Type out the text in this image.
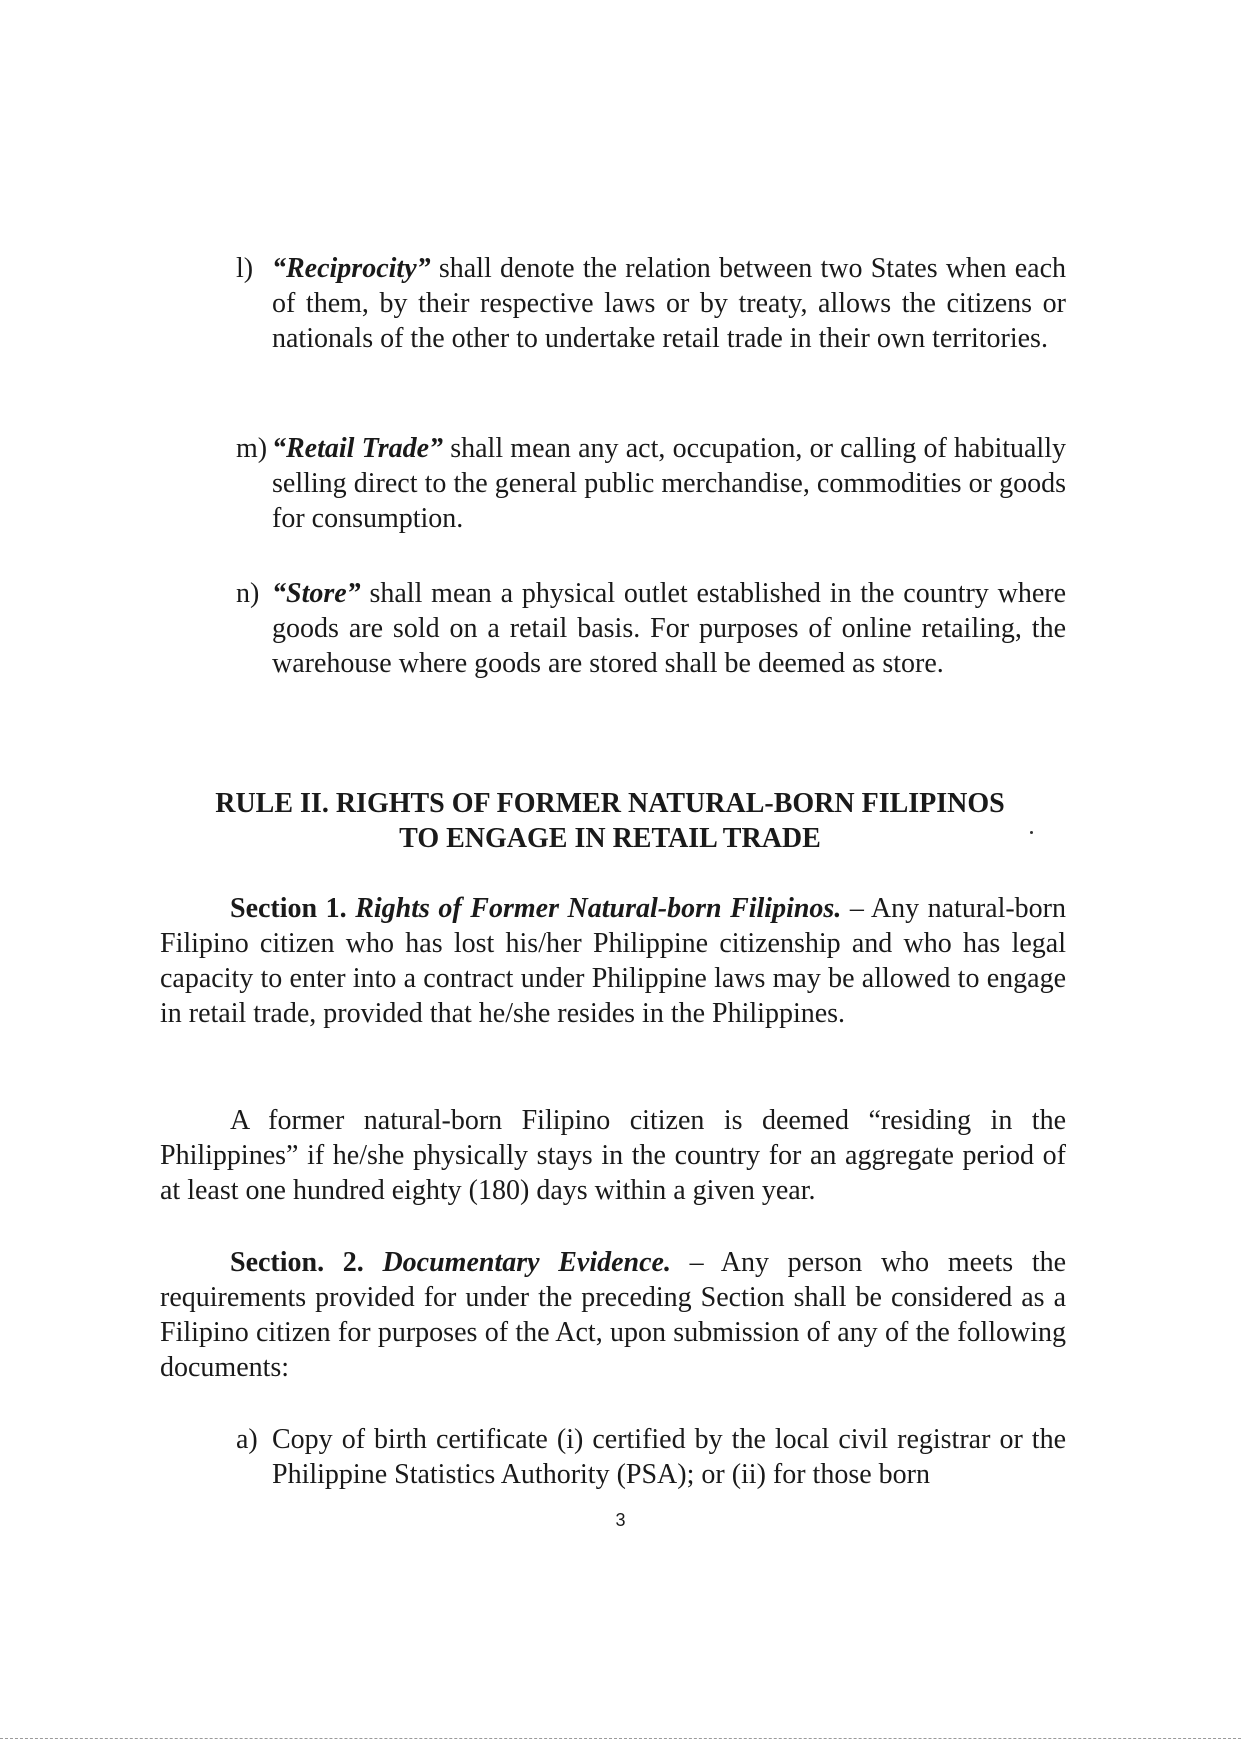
l) “Reciprocity” shall denote the relation between two States when each of them, by their respective laws or by treaty, allows the citizens or nationals of the other to undertake retail trade in their own territories.
m) “Retail Trade” shall mean any act, occupation, or calling of habitually selling direct to the general public merchandise, commodities or goods for consumption.
n) “Store” shall mean a physical outlet established in the country where goods are sold on a retail basis. For purposes of online retailing, the warehouse where goods are stored shall be deemed as store.
RULE II. RIGHTS OF FORMER NATURAL-BORN FILIPINOS
TO ENGAGE IN RETAIL TRADE
Section 1. Rights of Former Natural-born Filipinos. – Any natural-born Filipino citizen who has lost his/her Philippine citizenship and who has legal capacity to enter into a contract under Philippine laws may be allowed to engage in retail trade, provided that he/she resides in the Philippines.
A former natural-born Filipino citizen is deemed “residing in the Philippines” if he/she physically stays in the country for an aggregate period of at least one hundred eighty (180) days within a given year.
Section. 2. Documentary Evidence. – Any person who meets the requirements provided for under the preceding Section shall be considered as a Filipino citizen for purposes of the Act, upon submission of any of the following documents:
a) Copy of birth certificate (i) certified by the local civil registrar or the Philippine Statistics Authority (PSA); or (ii) for those born
3
